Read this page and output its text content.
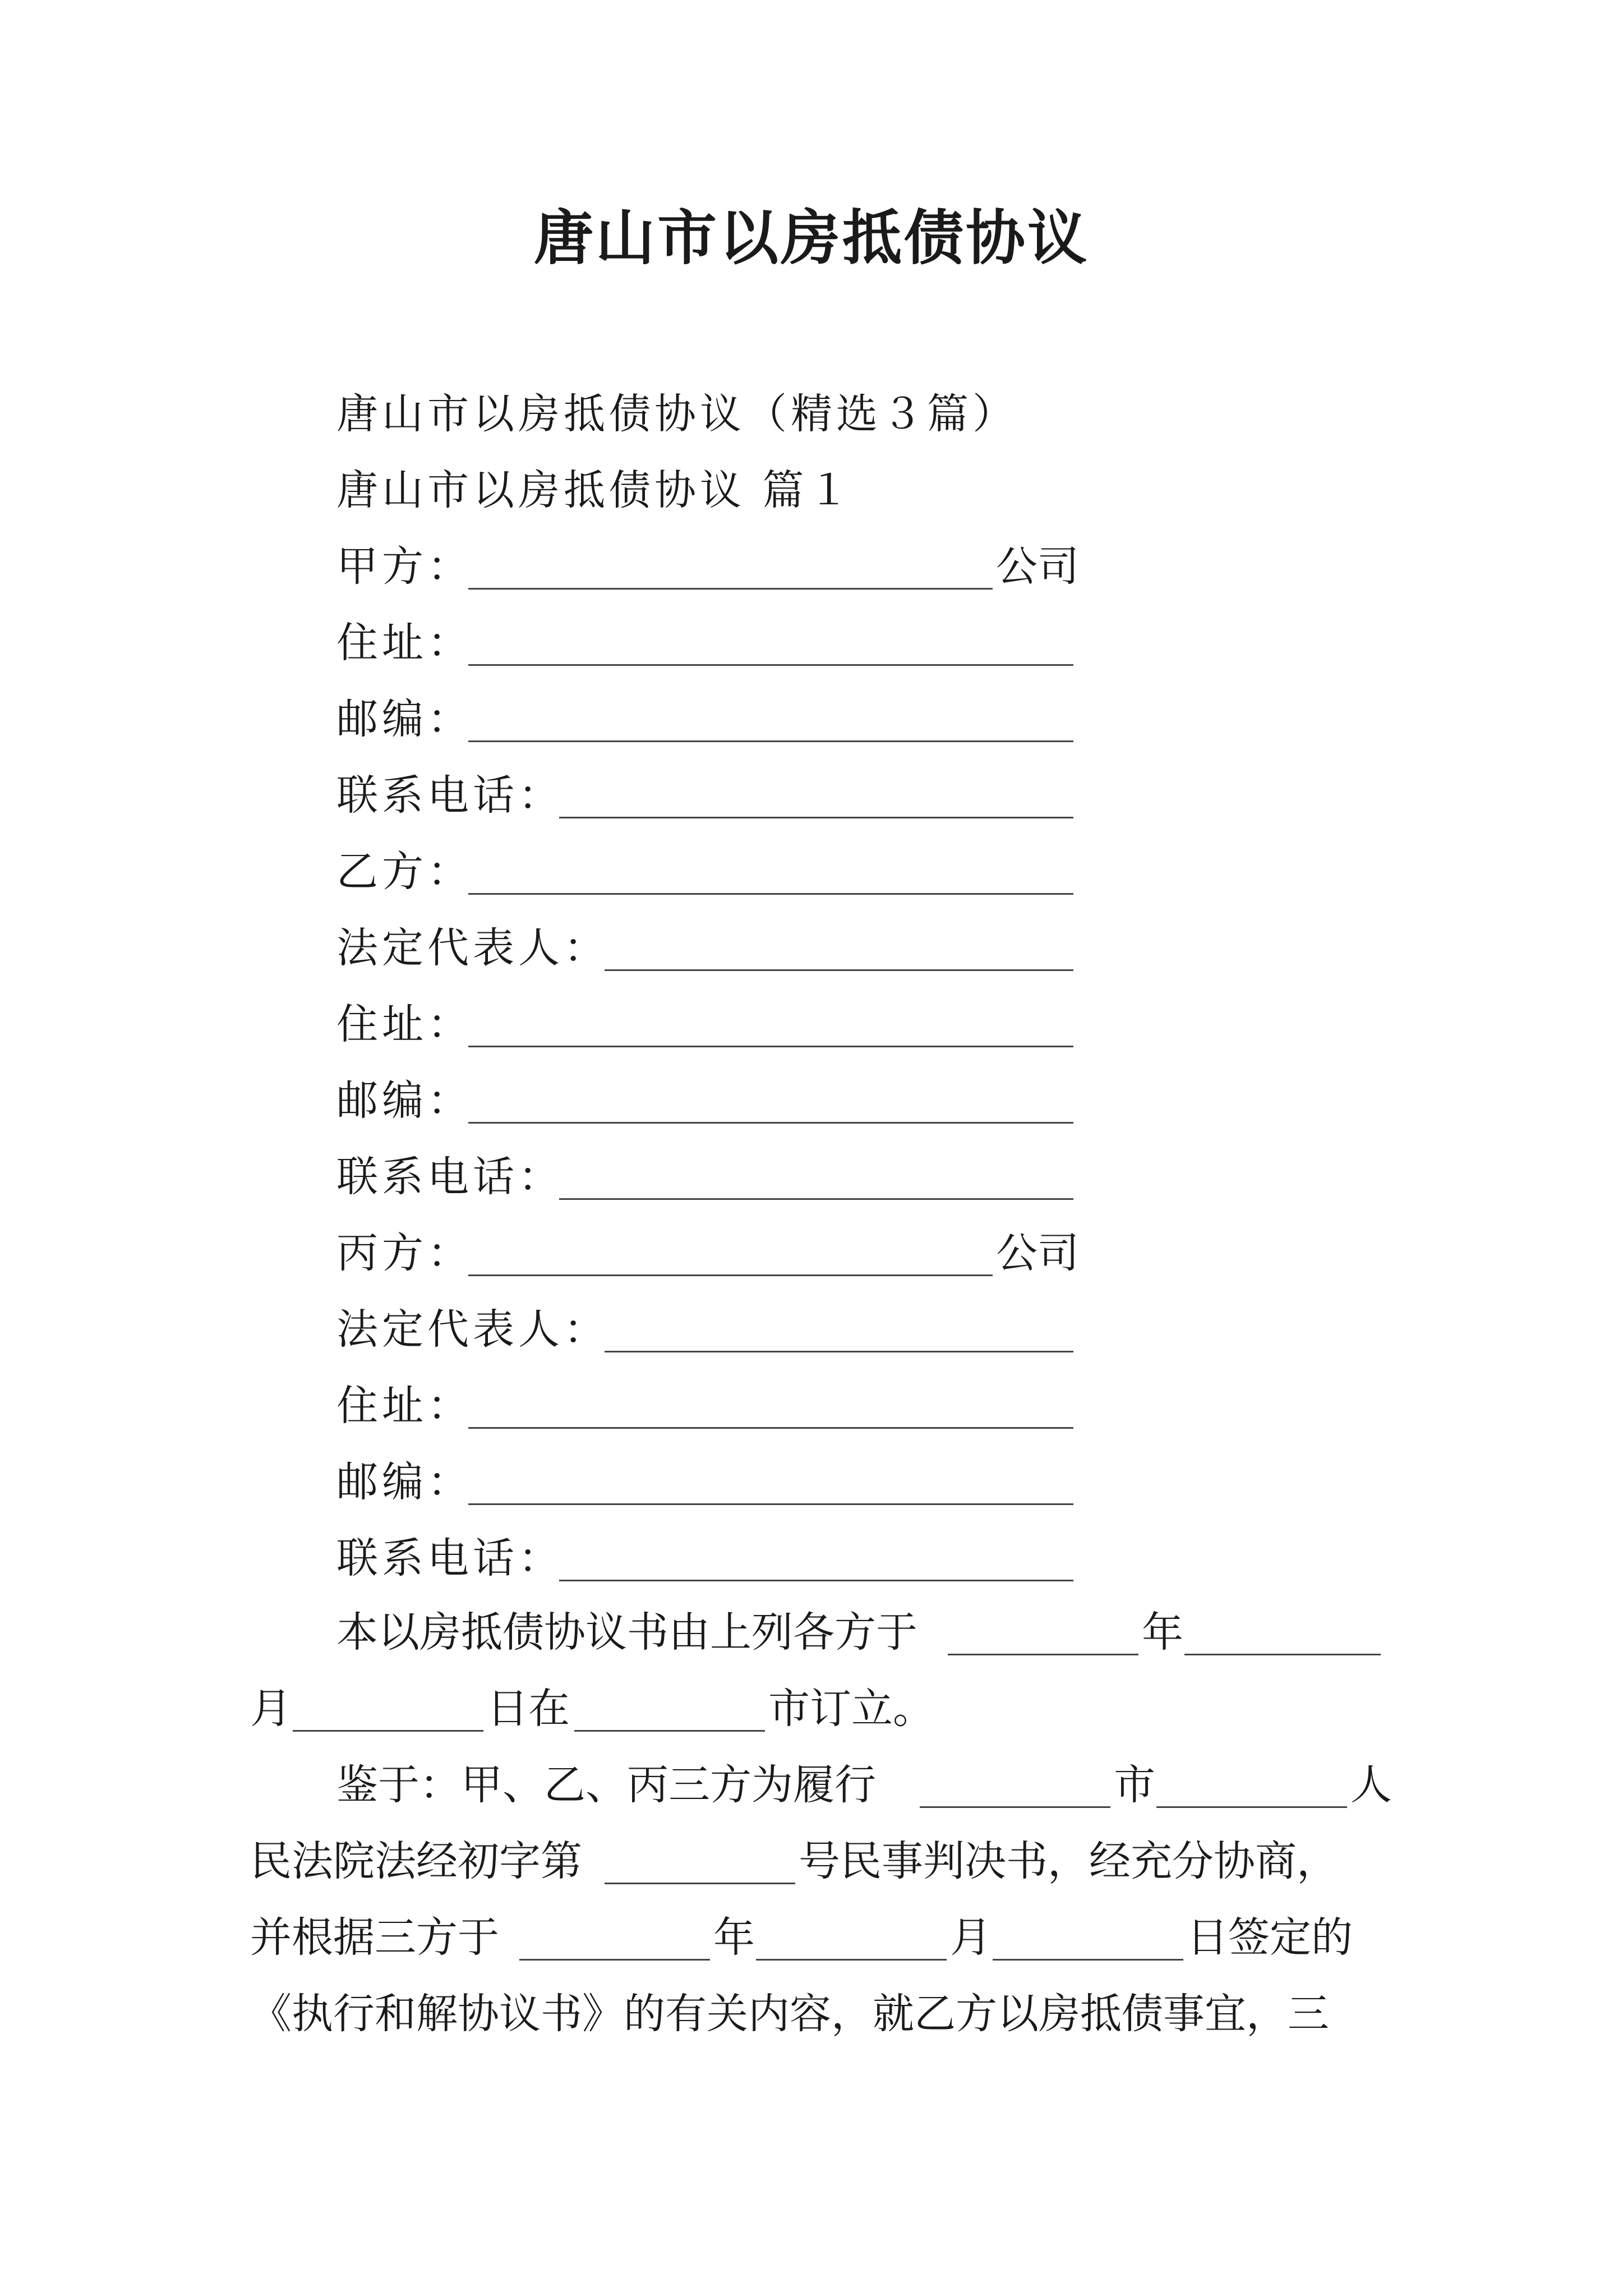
唐山市以房抵债协议
唐山市以房抵债协议（精选３篇）
唐山市以房抵债协议 篇１
甲方：	公司
住址：
邮编：
联系电话：
乙方：
法定代表人：
住址：
邮编：
联系电话：
丙方：	公司
法定代表人：
住址：
邮编：
联系电话：
本以房抵债协议书由上列各方于	年
月	日在	市订立。
鉴于：甲、乙、丙三方为履行	市	人
民法院法经初字第	号民事判决书，经充分协商，
并根据三方于	年	月	日签定的
《执行和解协议书》的有关内容，就乙方以房抵债事宜，三
